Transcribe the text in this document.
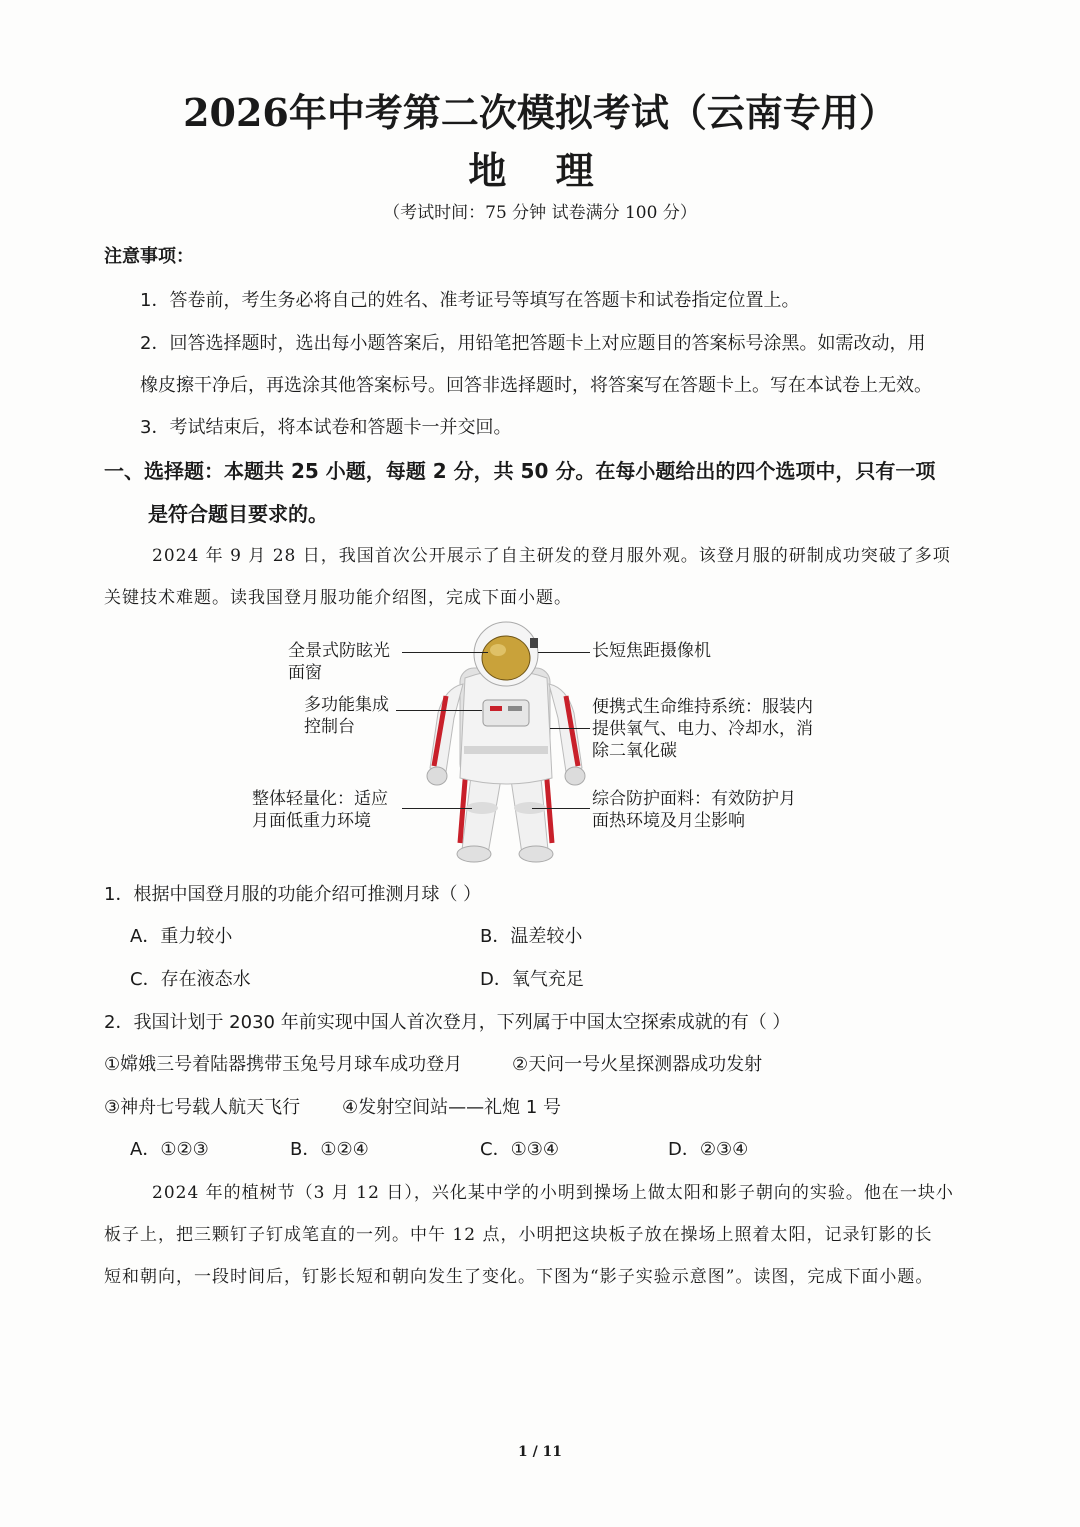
2026年中考第二次模拟考试（云南专用）
地 理
（考试时间：75 分钟 试卷满分 100 分）
注意事项：
1．答卷前，考生务必将自己的姓名、准考证号等填写在答题卡和试卷指定位置上。
2．回答选择题时，选出每小题答案后，用铅笔把答题卡上对应题目的答案标号涂黑。如需改动，用
橡皮擦干净后，再选涂其他答案标号。回答非选择题时，将答案写在答题卡上。写在本试卷上无效。
3．考试结束后，将本试卷和答题卡一并交回。
一、选择题：本题共 25 小题，每题 2 分，共 50 分。在每小题给出的四个选项中，只有一项
是符合题目要求的。
2024 年 9 月 28 日，我国首次公开展示了自主研发的登月服外观。该登月服的研制成功突破了多项
关键技术难题。读我国登月服功能介绍图，完成下面小题。
全景式防眩光面窗
多功能集成控制台
整体轻量化：适应月面低重力环境
长短焦距摄像机
便携式生命维持系统：服装内提供氧气、电力、冷却水，消除二氧化碳
综合防护面料：有效防护月面热环境及月尘影响
1．根据中国登月服的功能介绍可推测月球（ ）
A．重力较小	B．温差较小
C．存在液态水	D．氧气充足
2．我国计划于 2030 年前实现中国人首次登月，下列属于中国太空探索成就的有（ ）
①嫦娥三号着陆器携带玉兔号月球车成功登月	②天问一号火星探测器成功发射
③神舟七号载人航天飞行 ④发射空间站——礼炮 1 号
A．①②③	B．①②④	C．①③④	D．②③④
2024 年的植树节（3 月 12 日），兴化某中学的小明到操场上做太阳和影子朝向的实验。他在一块小
板子上，把三颗钉子钉成笔直的一列。中午 12 点，小明把这块板子放在操场上照着太阳，记录钉影的长
短和朝向，一段时间后，钉影长短和朝向发生了变化。下图为“影子实验示意图”。读图，完成下面小题。
1 / 11
